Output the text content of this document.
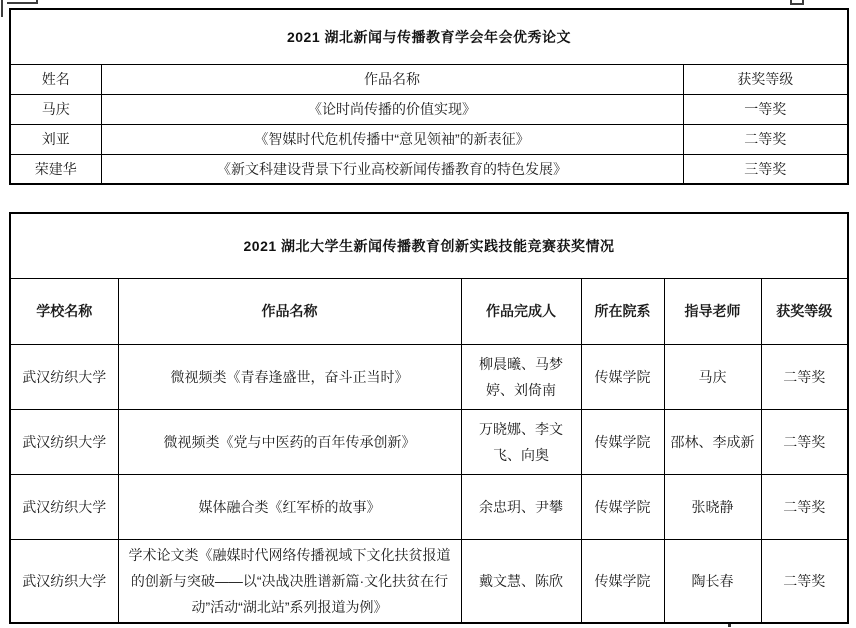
2021 湖北新闻与传播教育学会年会优秀论文		
姓名	作品名称	获奖等级
马庆	《论时尚传播的价值实现》	一等奖
刘亚	《智媒时代危机传播中“意见领袖”的新表征》	二等奖
荣建华	《新文科建设背景下行业高校新闻传播教育的特色发展》	三等奖
2021 湖北大学生新闻传播教育创新实践技能竞赛获奖情况					
学校名称	作品名称	作品完成人	所在院系	指导老师	获奖等级
武汉纺织大学	微视频类《青春逢盛世，奋斗正当时》	柳晨曦、马梦婷、刘倚南	传媒学院	马庆	二等奖
武汉纺织大学	微视频类《党与中医药的百年传承创新》	万晓娜、李文飞、向奥	传媒学院	邵林、李成新	二等奖
武汉纺织大学	媒体融合类《红军桥的故事》	余忠玥、尹攀	传媒学院	张晓静	二等奖
武汉纺织大学	学术论文类《融媒时代网络传播视域下文化扶贫报道的创新与突破——以“决战决胜谱新篇·文化扶贫在行动”活动“湖北站”系列报道为例》	戴文慧、陈欣	传媒学院	陶长春	二等奖
